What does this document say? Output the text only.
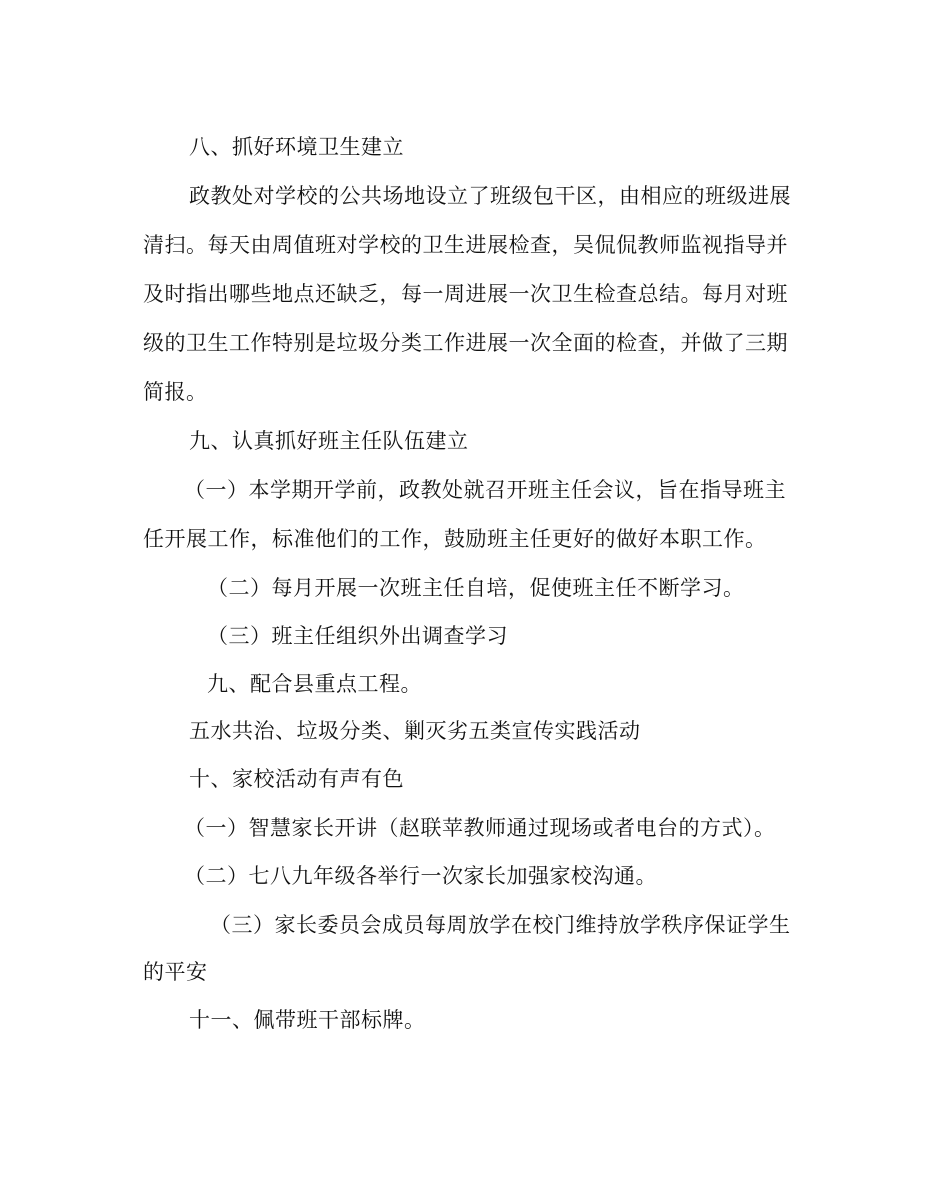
八、抓好环境卫生建立
政教处对学校的公共场地设立了班级包干区，由相应的班级进展
清扫。每天由周值班对学校的卫生进展检查，吴侃侃教师监视指导并
及时指出哪些地点还缺乏，每一周进展一次卫生检查总结。每月对班
级的卫生工作特别是垃圾分类工作进展一次全面的检查，并做了三期
简报。
九、认真抓好班主任队伍建立
（一）本学期开学前，政教处就召开班主任会议，旨在指导班主
任开展工作，标准他们的工作，鼓励班主任更好的做好本职工作。
（二）每月开展一次班主任自培，促使班主任不断学习。
（三）班主任组织外出调查学习
九、配合县重点工程。
五水共治、垃圾分类、剿灭劣五类宣传实践活动
十、家校活动有声有色
（一）智慧家长开讲（赵联苹教师通过现场或者电台的方式）。
（二）七八九年级各举行一次家长加强家校沟通。
（三）家长委员会成员每周放学在校门维持放学秩序保证学生
的平安
十一、佩带班干部标牌。
